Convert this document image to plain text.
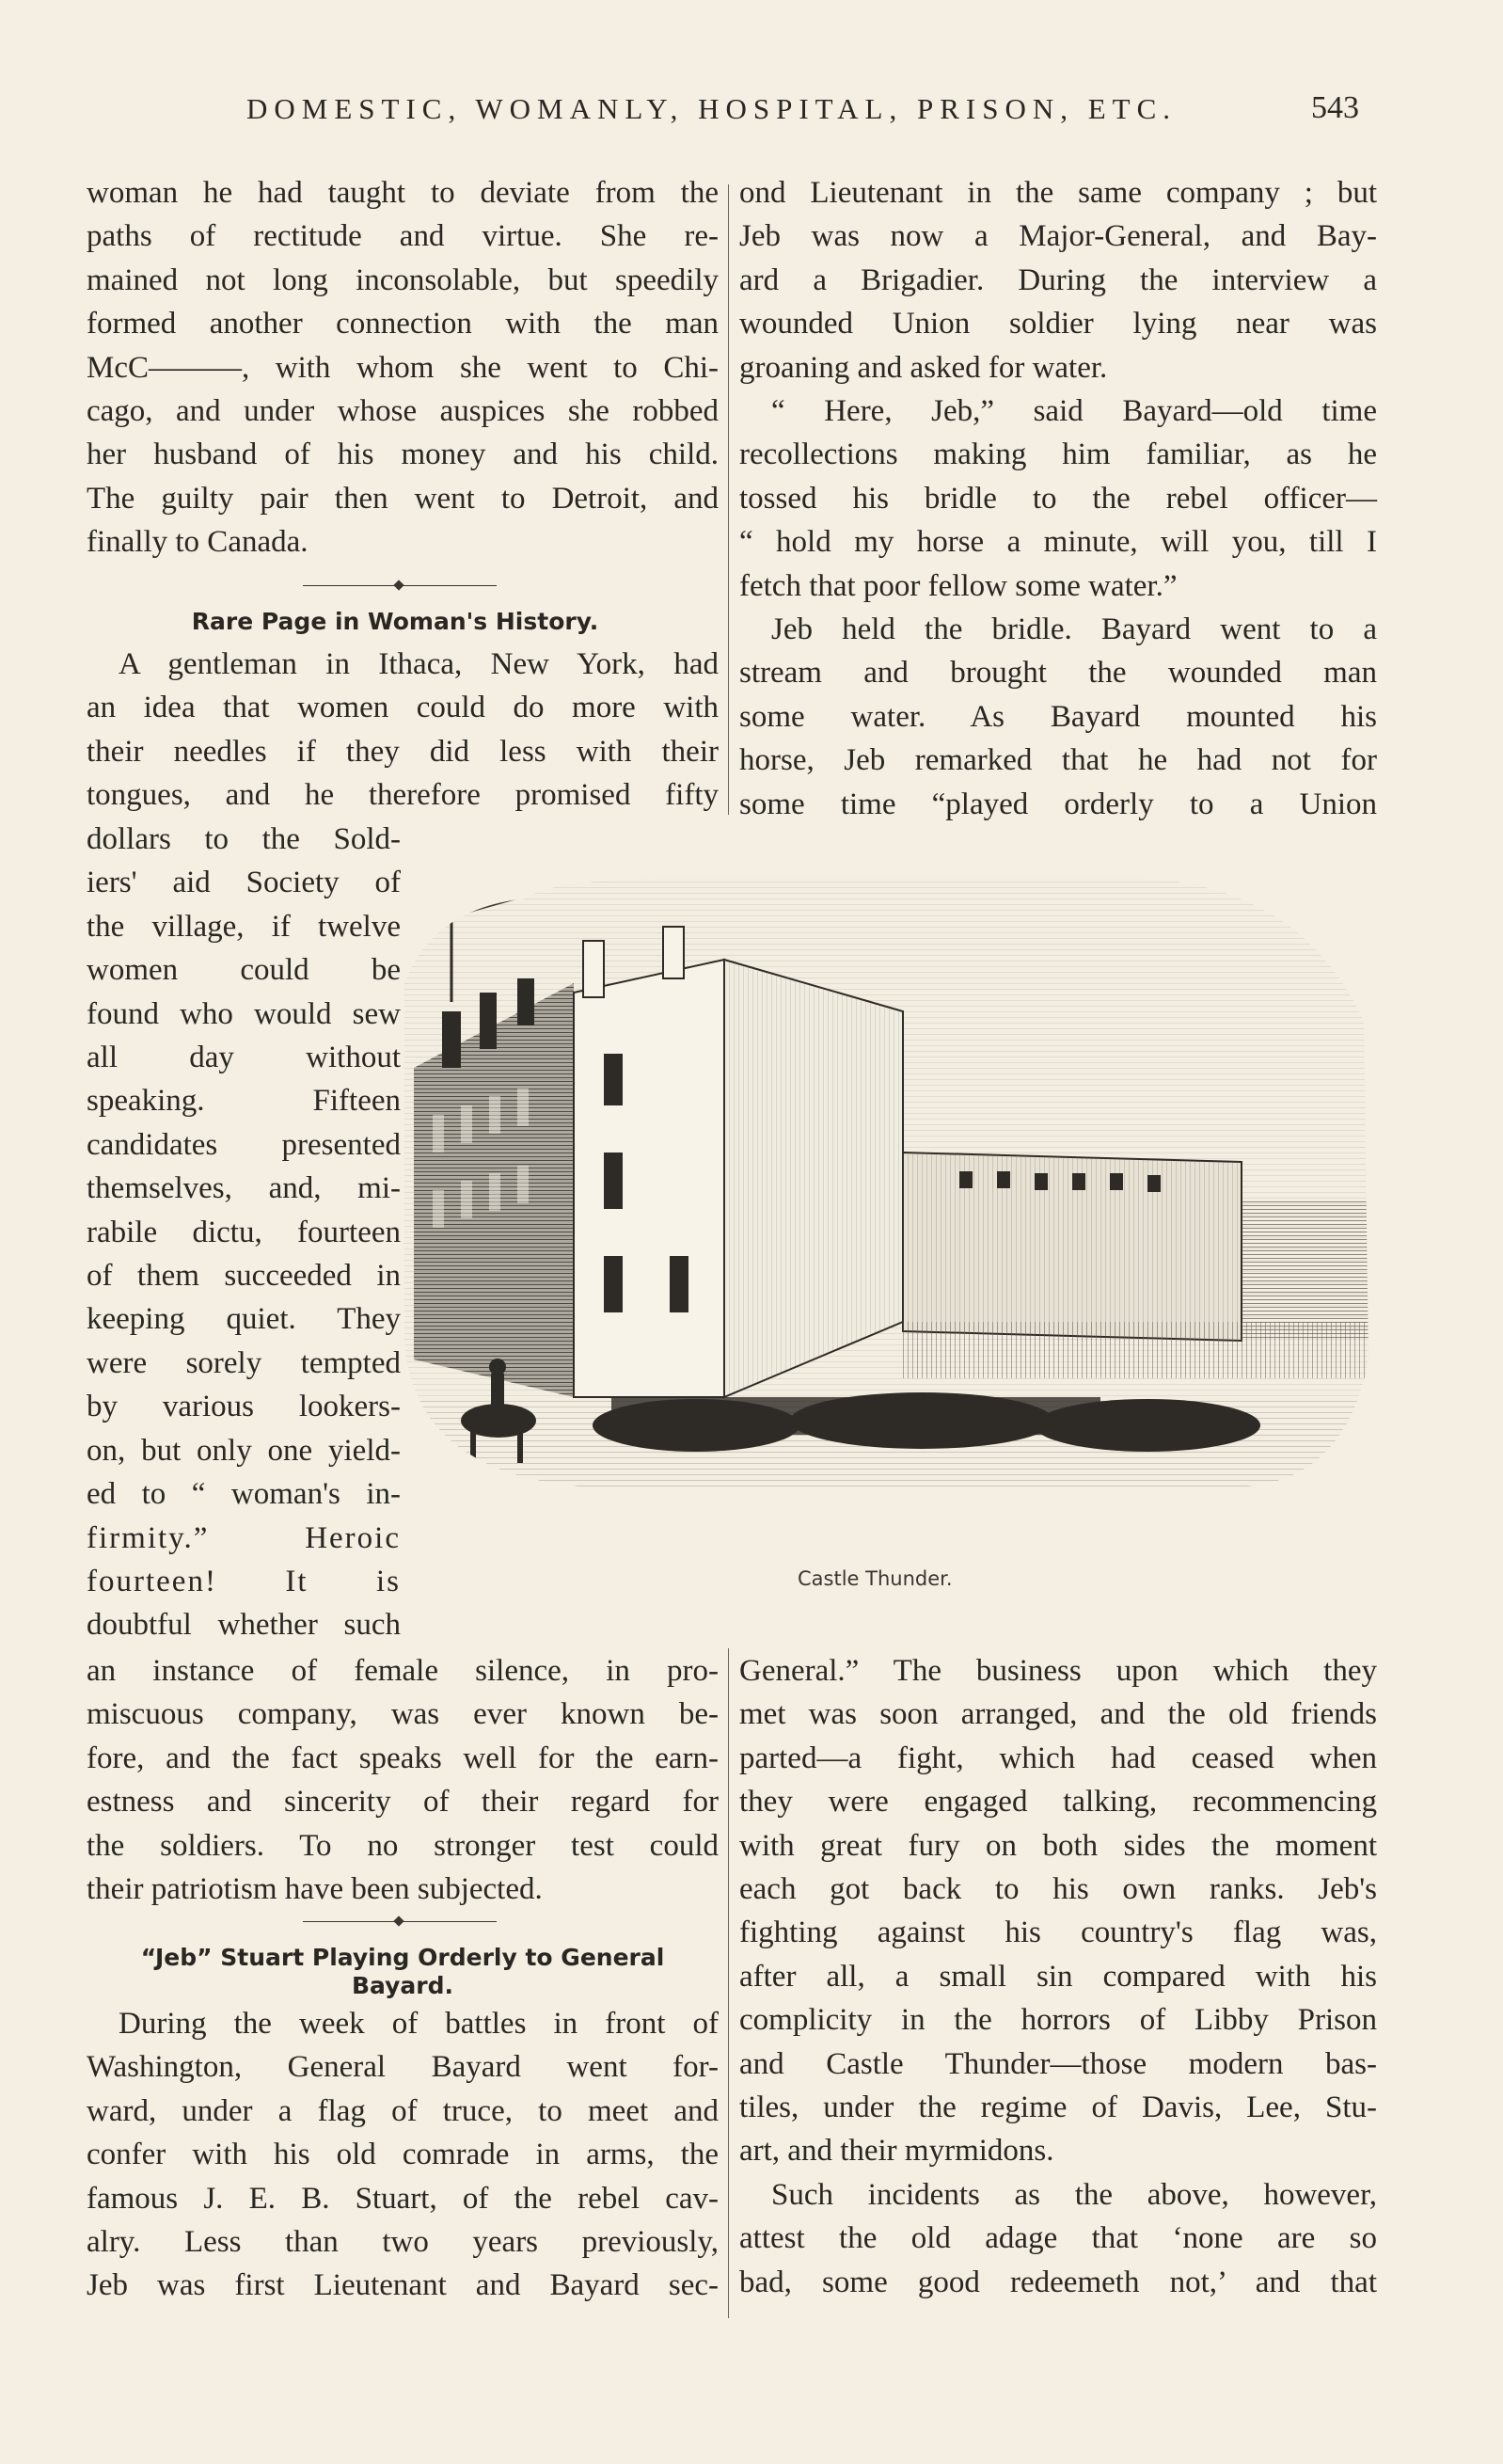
DOMESTIC, WOMANLY, HOSPITAL, PRISON, ETC.	543

woman he had taught to deviate from the

paths of rectitude and virtue. She re-

mained not long inconsolable, but speedily

formed another connection with the man

McC———, with whom she went to Chi-

cago, and under whose auspices she robbed

her husband of his money and his child.

The guilty pair then went to Detroit, and

finally to Canada.

Rare Page in Woman's History.

A gentleman in Ithaca, New York, had

an idea that women could do more with

their needles if they did less with their

tongues, and he therefore promised fifty

dollars to the Sold-

iers' aid Society of

the village, if twelve

women could be

found who would sew

all day without

speaking. Fifteen

candidates presented

themselves, and, mi-

rabile dictu, fourteen

of them succeeded in

keeping quiet. They

were sorely tempted

by various lookers-

on, but only one yield-

ed to “ woman's in-

firmity.” Heroic

fourteen! It is

doubtful whether such

an instance of female silence, in pro-

miscuous company, was ever known be-

fore, and the fact speaks well for the earn-

estness and sincerity of their regard for

the soldiers. To no stronger test could

their patriotism have been subjected.

“Jeb” Stuart Playing Orderly to General
Bayard.

During the week of battles in front of

Washington, General Bayard went for-

ward, under a flag of truce, to meet and

confer with his old comrade in arms, the

famous J. E. B. Stuart, of the rebel cav-

alry. Less than two years previously,

Jeb was first Lieutenant and Bayard sec-

ond Lieutenant in the same company ; but

Jeb was now a Major-General, and Bay-

ard a Brigadier. During the interview a

wounded Union soldier lying near was

groaning and asked for water.

“ Here, Jeb,” said Bayard—old time

recollections making him familiar, as he

tossed his bridle to the rebel officer—

“ hold my horse a minute, will you, till I

fetch that poor fellow some water.”

Jeb held the bridle. Bayard went to a

stream and brought the wounded man

some water. As Bayard mounted his

horse, Jeb remarked that he had not for

some time “played orderly to a Union

Castle Thunder.

General.” The business upon which they

met was soon arranged, and the old friends

parted—a fight, which had ceased when

they were engaged talking, recommencing

with great fury on both sides the moment

each got back to his own ranks. Jeb's

fighting against his country's flag was,

after all, a small sin compared with his

complicity in the horrors of Libby Prison

and Castle Thunder—those modern bas-

tiles, under the regime of Davis, Lee, Stu-

art, and their myrmidons.

Such incidents as the above, however,

attest the old adage that ‘none are so

bad, some good redeemeth not,’ and that
